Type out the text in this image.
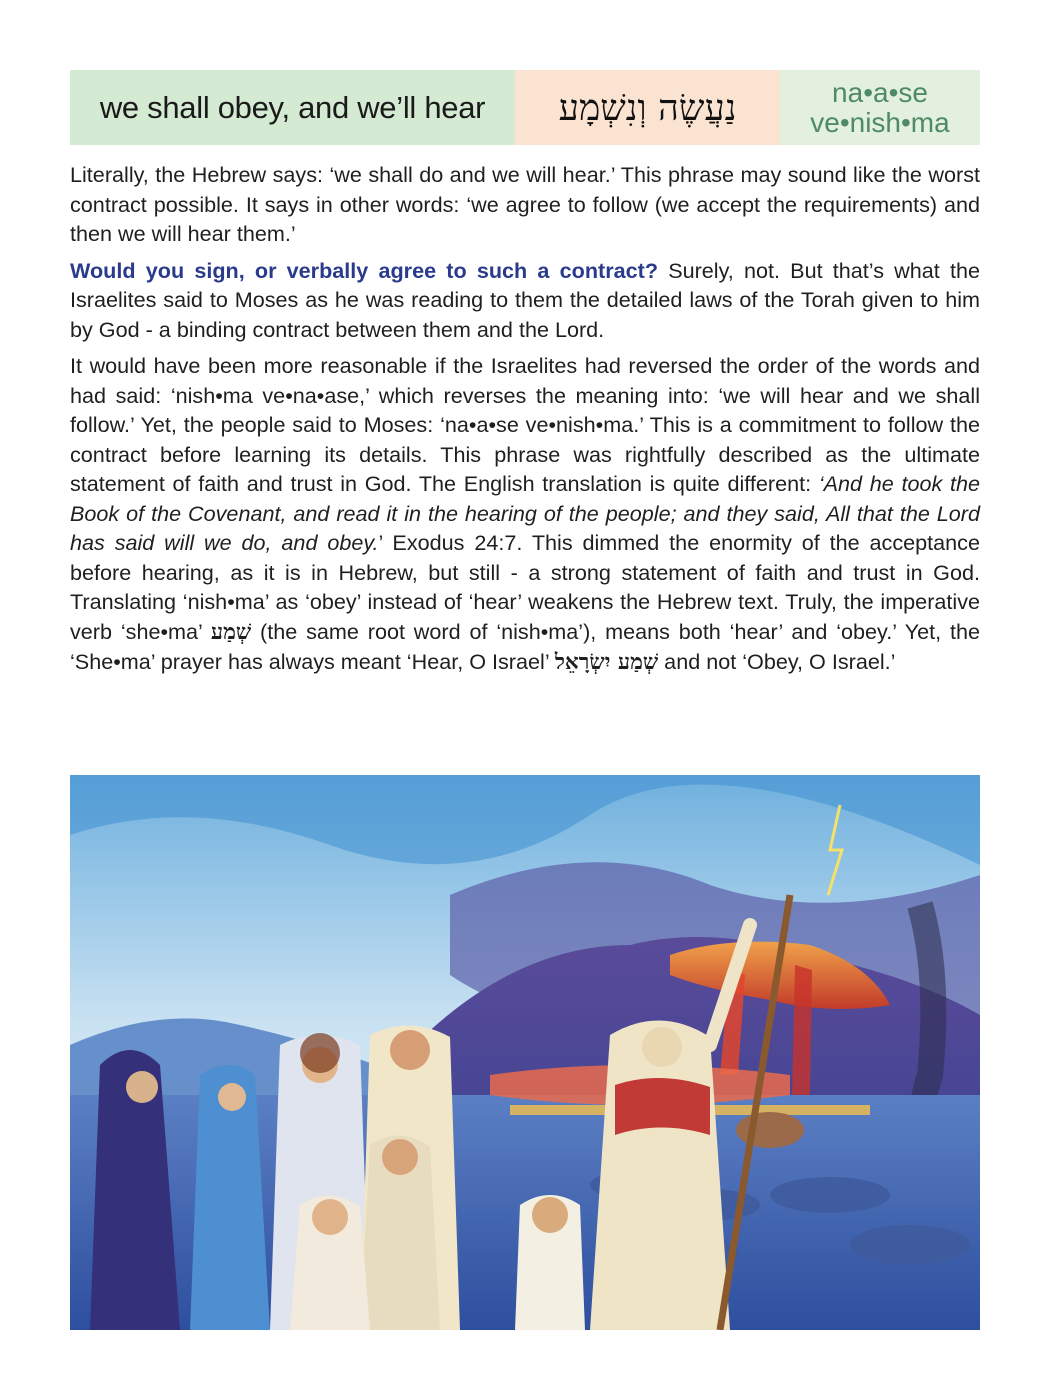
we shall obey, and we’ll hear	נַעֲשֶׂה וְנִשְׁמָע	na•a•se
ve•nish•ma

Literally, the Hebrew says: ‘we shall do and we will hear.’ This phrase may sound like the worst contract possible. It says in other words: ‘we agree to follow (we accept the requirements) and then we will hear them.’

Would you sign, or verbally agree to such a contract? Surely, not. But that’s what the Israelites said to Moses as he was reading to them the detailed laws of the Torah given to him by God - a binding contract between them and the Lord.

It would have been more reasonable if the Israelites had reversed the order of the words and had said: ‘nish•ma ve•na•ase,’ which reverses the meaning into: ‘we will hear and we shall follow.’ Yet, the people said to Moses: ‘na•a•se ve•nish•ma.’ This is a commitment to follow the contract before learning its details. This phrase was rightfully described as the ultimate statement of faith and trust in God. The English translation is quite different: ‘And he took the Book of the Covenant, and read it in the hearing of the people; and they said, All that the Lord has said will we do, and obey.’ Exodus 24:7. This dimmed the enormity of the acceptance before hearing, as it is in Hebrew, but still - a strong statement of faith and trust in God. Translating ‘nish•ma’ as ‘obey’ instead of ‘hear’ weakens the Hebrew text. Truly, the imperative verb ‘she•ma’ שְׁמַע (the same root word of ‘nish•ma’), means both ‘hear’ and ‘obey.’ Yet, the ‘She•ma’ prayer has always meant ‘Hear, O Israel’ שְׁמַע יִשְׂרָאֵל and not ‘Obey, O Israel.’
